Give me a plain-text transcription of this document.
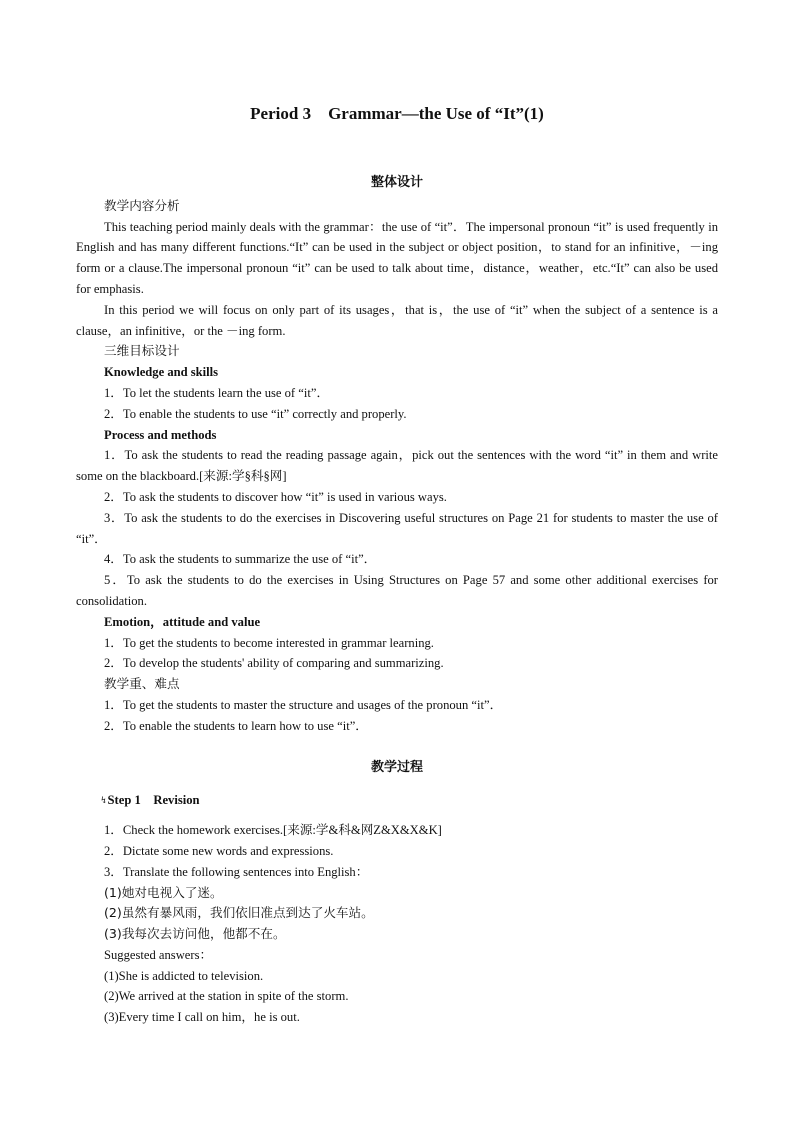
Period 3    Grammar—the Use of “It”(1)
整体设计
教学内容分析

This teaching period mainly deals with the grammar：the use of “it”．The impersonal pronoun “it” is used frequently in English and has many different functions.“It” can be used in the subject or object position，to stand for an infinitive，－ing form or a clause.The impersonal pronoun “it” can be used to talk about time，distance，weather，etc.“It” can also be used for emphasis.

In this period we will focus on only part of its usages，that is，the use of “it” when the subject of a sentence is a clause，an infinitive，or the －ing form.

三维目标设计
Knowledge and skills

1．To let the students learn the use of “it”．

2．To enable the students to use “it” correctly and properly.

Process and methods

1．To ask the students to read the reading passage again，pick out the sentences with the word “it” in them and write some on the blackboard.[来源:学§科§网]

2．To ask the students to discover how “it” is used in various ways.

3．To ask the students to do the exercises in Discovering useful structures on Page 21 for students to master the use of “it”．

4．To ask the students to summarize the use of “it”．

5．To ask the students to do the exercises in Using Structures on Page 57 and some other additional exercises for consolidation.

Emotion，attitude and value

1．To get the students to become interested in grammar learning.

2．To develop the students' ability of comparing and summarizing.

教学重、难点

1．To get the students to master the structure and usages of the pronoun “it”．

2．To enable the students to learn how to use “it”．

教学过程
↯Step 1    Revision

1．Check the homework exercises.[来源:学&科&网Z&X&X&K]

2．Dictate some new words and expressions.

3．Translate the following sentences into English：

(1)她对电视入了迷。

(2)虽然有暴风雨，我们依旧准点到达了火车站。

(3)我每次去访问他，他都不在。

Suggested answers：

(1)She is addicted to television.

(2)We arrived at the station in spite of the storm.

(3)Every time I call on him，he is out.
